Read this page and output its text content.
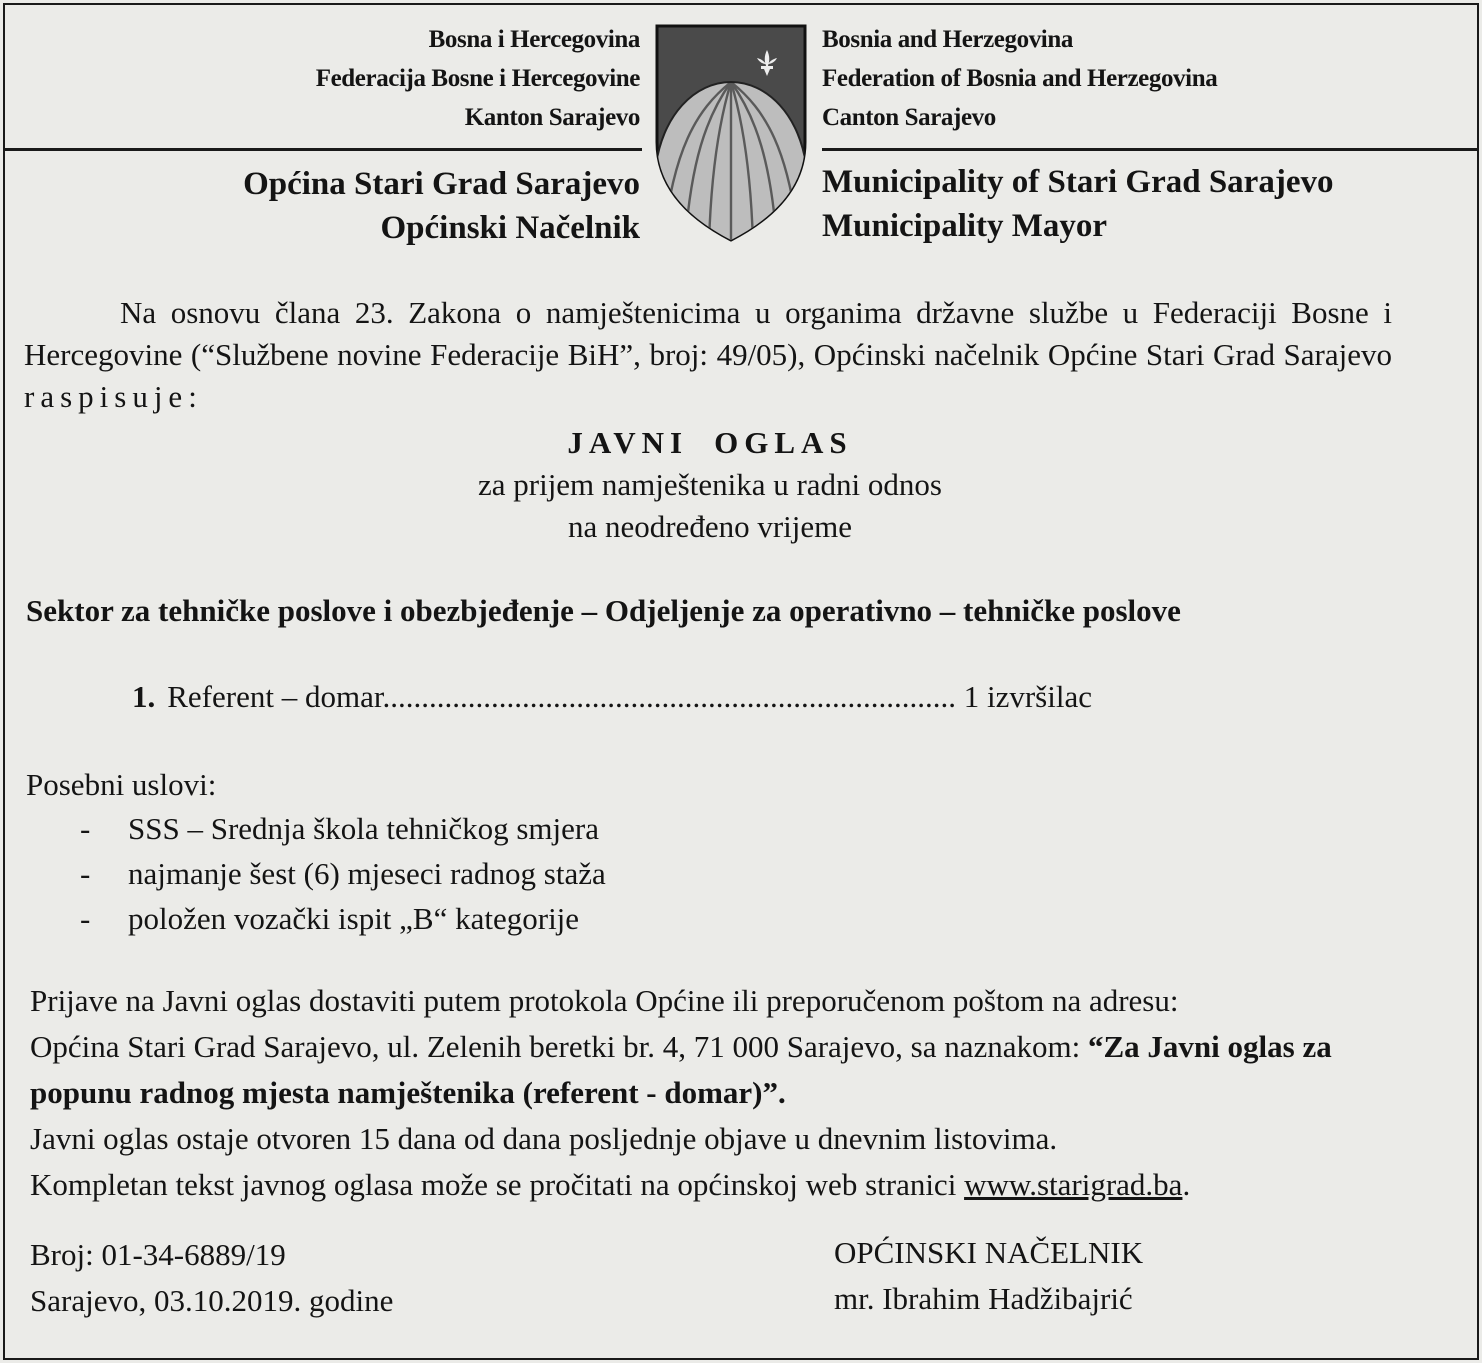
Bosna i Hercegovina
Federacija Bosne i Hercegovine
Kanton Sarajevo
Bosnia and Herzegovina
Federation of Bosnia and Herzegovina
Canton Sarajevo
Općina Stari Grad Sarajevo
Općinski Načelnik
Municipality of Stari Grad Sarajevo
Municipality Mayor
Na osnovu člana 23. Zakona o namještenicima u organima državne službe u Federaciji Bosne i Hercegovine (“Službene novine Federacije BiH”, broj: 49/05), Općinski načelnik Općine Stari Grad Sarajevo raspisuje:
JAVNI OGLAS
za prijem namještenika u radni odnos
na neodređeno vrijeme
Sektor za tehničke poslove i obezbjeđenje – Odjeljenje za operativno – tehničke poslove
1. Referent – domar.......................................................................... 1 izvršilac
Posebni uslovi:
- SSS – Srednja škola tehničkog smjera
- najmanje šest (6) mjeseci radnog staža
- položen vozački ispit „B“ kategorije
Prijave na Javni oglas dostaviti putem protokola Općine ili preporučenom poštom na adresu:
Općina Stari Grad Sarajevo, ul. Zelenih beretki br. 4, 71 000 Sarajevo, sa naznakom: “Za Javni oglas za popunu radnog mjesta namještenika (referent - domar)”.
Javni oglas ostaje otvoren 15 dana od dana posljednje objave u dnevnim listovima.
Kompletan tekst javnog oglasa može se pročitati na općinskoj web stranici www.starigrad.ba.
Broj: 01-34-6889/19
Sarajevo, 03.10.2019. godine
OPĆINSKI NAČELNIK
mr. Ibrahim Hadžibajrić
